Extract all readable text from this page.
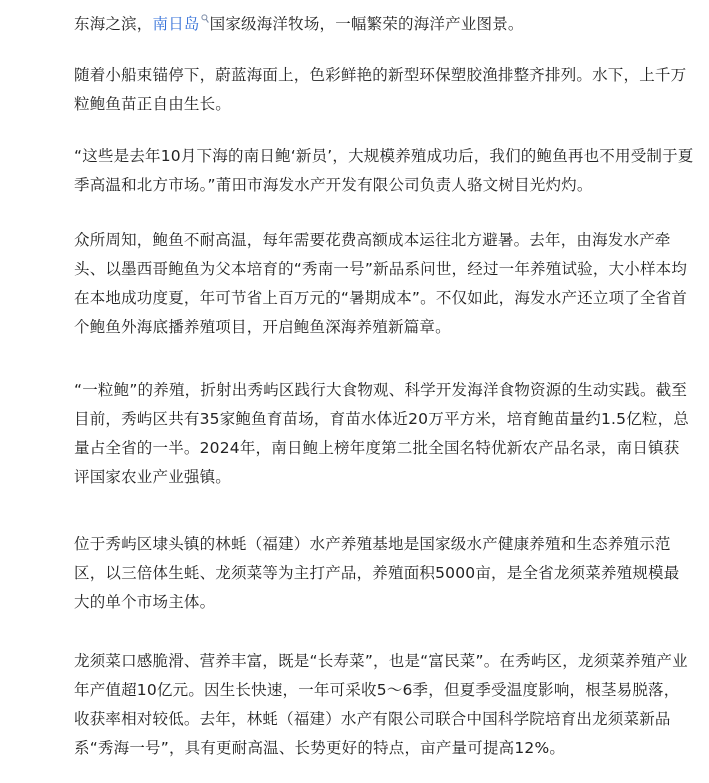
东海之滨，南日岛 国家级海洋牧场，一幅繁荣的海洋产业图景。

随着小船束锚停下，蔚蓝海面上，色彩鲜艳的新型环保塑胶渔排整齐排列。水下，上千万粒鲍鱼苗正自由生长。

“这些是去年10月下海的南日鲍‘新员’，大规模养殖成功后，我们的鲍鱼再也不用受制于夏季高温和北方市场。”莆田市海发水产开发有限公司负责人骆文树目光灼灼。

众所周知，鲍鱼不耐高温，每年需要花费高额成本运往北方避暑。去年，由海发水产牵头、以墨西哥鲍鱼为父本培育的“秀南一号”新品系问世，经过一年养殖试验，大小样本均在本地成功度夏，年可节省上百万元的“暑期成本”。不仅如此，海发水产还立项了全省首个鲍鱼外海底播养殖项目，开启鲍鱼深海养殖新篇章。

“一粒鲍”的养殖，折射出秀屿区践行大食物观、科学开发海洋食物资源的生动实践。截至目前，秀屿区共有35家鲍鱼育苗场，育苗水体近20万平方米，培育鲍苗量约1.5亿粒，总量占全省的一半。2024年，南日鲍上榜年度第二批全国名特优新农产品名录，南日镇获评国家农业产业强镇。

位于秀屿区埭头镇的林蚝（福建）水产养殖基地是国家级水产健康养殖和生态养殖示范区，以三倍体生蚝、龙须菜等为主打产品，养殖面积5000亩，是全省龙须菜养殖规模最大的单个市场主体。

龙须菜口感脆滑、营养丰富，既是“长寿菜”，也是“富民菜”。在秀屿区，龙须菜养殖产业年产值超10亿元。因生长快速，一年可采收5～6季，但夏季受温度影响，根茎易脱落，收获率相对较低。去年，林蚝（福建）水产有限公司联合中国科学院培育出龙须菜新品系“秀海一号”，具有更耐高温、长势更好的特点，亩产量可提高12%。
